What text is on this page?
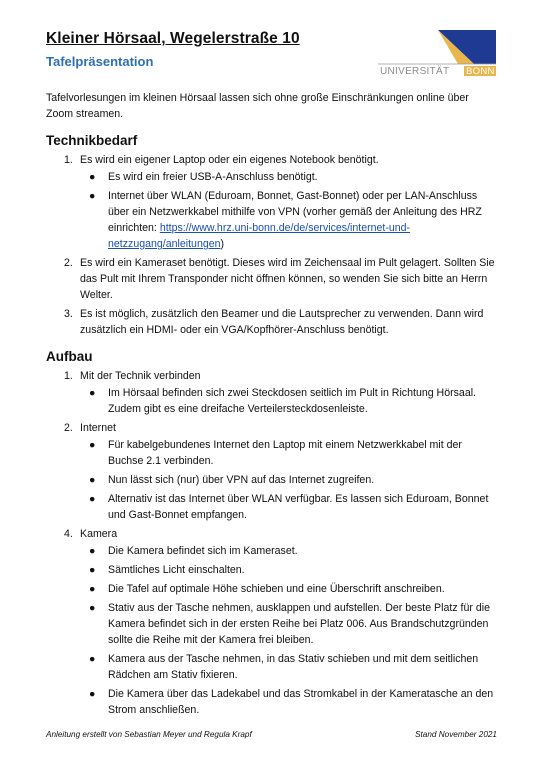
Kleiner Hörsaal, Wegelerstraße 10
Tafelpräsentation
UNIVERSITÄT BONN

Tafelvorlesungen im kleinen Hörsaal lassen sich ohne große Einschränkungen online über Zoom streamen.

Technikbedarf
1. Es wird ein eigener Laptop oder ein eigenes Notebook benötigt.
● Es wird ein freier USB-A-Anschluss benötigt.
● Internet über WLAN (Eduroam, Bonnet, Gast-Bonnet) oder per LAN-Anschluss über ein Netzwerkkabel mithilfe von VPN (vorher gemäß der Anleitung des HRZ einrichten: https://www.hrz.uni-bonn.de/de/services/internet-und-netzzugang/anleitungen)
2. Es wird ein Kameraset benötigt. Dieses wird im Zeichensaal im Pult gelagert. Sollten Sie das Pult mit Ihrem Transponder nicht öffnen können, so wenden Sie sich bitte an Herrn Welter.
3. Es ist möglich, zusätzlich den Beamer und die Lautsprecher zu verwenden. Dann wird zusätzlich ein HDMI- oder ein VGA/Kopfhörer-Anschluss benötigt.
Aufbau
1. Mit der Technik verbinden
● Im Hörsaal befinden sich zwei Steckdosen seitlich im Pult in Richtung Hörsaal. Zudem gibt es eine dreifache Verteilersteckdosenleiste.
2. Internet
● Für kabelgebundenes Internet den Laptop mit einem Netzwerkkabel mit der Buchse 2.1 verbinden.
● Nun lässt sich (nur) über VPN auf das Internet zugreifen.
● Alternativ ist das Internet über WLAN verfügbar. Es lassen sich Eduroam, Bonnet und Gast-Bonnet empfangen.
4. Kamera
● Die Kamera befindet sich im Kameraset.
● Sämtliches Licht einschalten.
● Die Tafel auf optimale Höhe schieben und eine Überschrift anschreiben.
● Stativ aus der Tasche nehmen, ausklappen und aufstellen. Der beste Platz für die Kamera befindet sich in der ersten Reihe bei Platz 006. Aus Brandschutzgründen sollte die Reihe mit der Kamera frei bleiben.
● Kamera aus der Tasche nehmen, in das Stativ schieben und mit dem seitlichen Rädchen am Stativ fixieren.
● Die Kamera über das Ladekabel und das Stromkabel in der Kameratasche an den Strom anschließen.
Anleitung erstellt von Sebastian Meyer und Regula Krapf	Stand November 2021
